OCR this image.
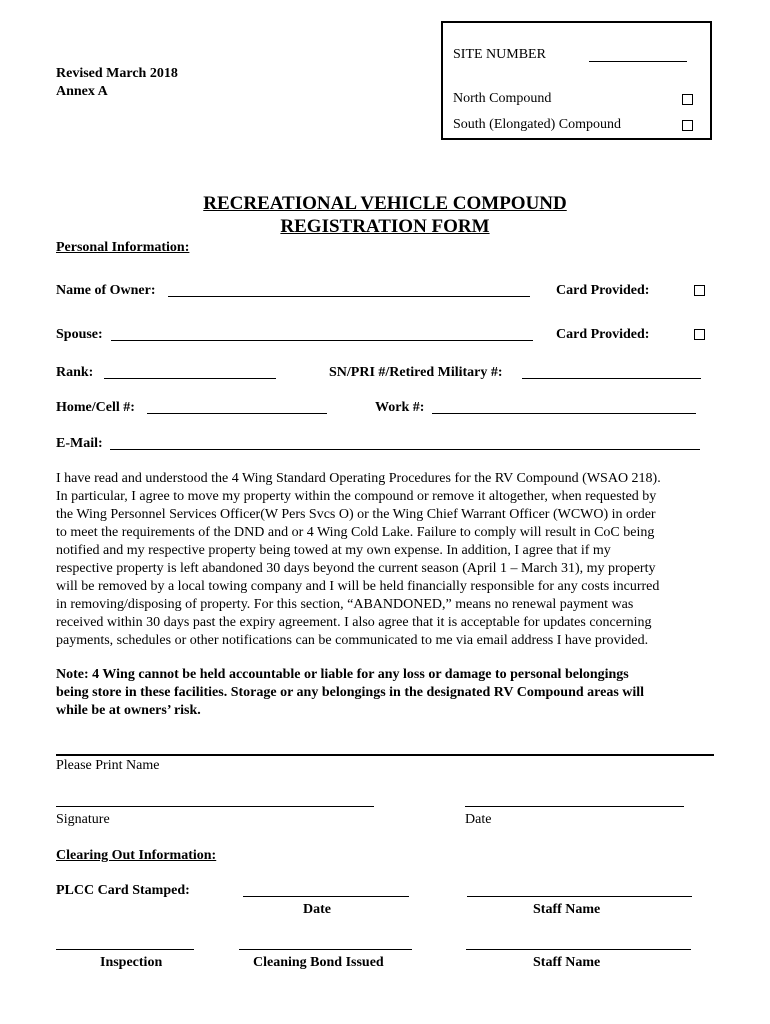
Revised March 2018
Annex A
SITE NUMBER
North Compound
South (Elongated) Compound
RECREATIONAL VEHICLE COMPOUND
REGISTRATION FORM
Personal Information:
Name of Owner:	Card Provided:
Spouse:	Card Provided:
Rank:	SN/PRI #/Retired Military #:
Home/Cell #:	Work #:
E-Mail:
I have read and understood the 4 Wing Standard Operating Procedures for the RV Compound (WSAO 218).
In particular, I agree to move my property within the compound or remove it altogether, when requested by
the Wing Personnel Services Officer(W Pers Svcs O) or the Wing Chief Warrant Officer (WCWO) in order
to meet the requirements of the DND and or 4 Wing Cold Lake. Failure to comply will result in CoC being
notified and my respective property being towed at my own expense. In addition, I agree that if my
respective property is left abandoned 30 days beyond the current season (April 1 – March 31), my property
will be removed by a local towing company and I will be held financially responsible for any costs incurred
in removing/disposing of property. For this section, “ABANDONED,” means no renewal payment was
received within 30 days past the expiry agreement. I also agree that it is acceptable for updates concerning
payments, schedules or other notifications can be communicated to me via email address I have provided.
Note: 4 Wing cannot be held accountable or liable for any loss or damage to personal belongings
being store in these facilities. Storage or any belongings in the designated RV Compound areas will
while be at owners’ risk.
Please Print Name
Signature	Date
Clearing Out Information:
PLCC Card Stamped:
Date	Staff Name
Inspection	Cleaning Bond Issued	Staff Name
